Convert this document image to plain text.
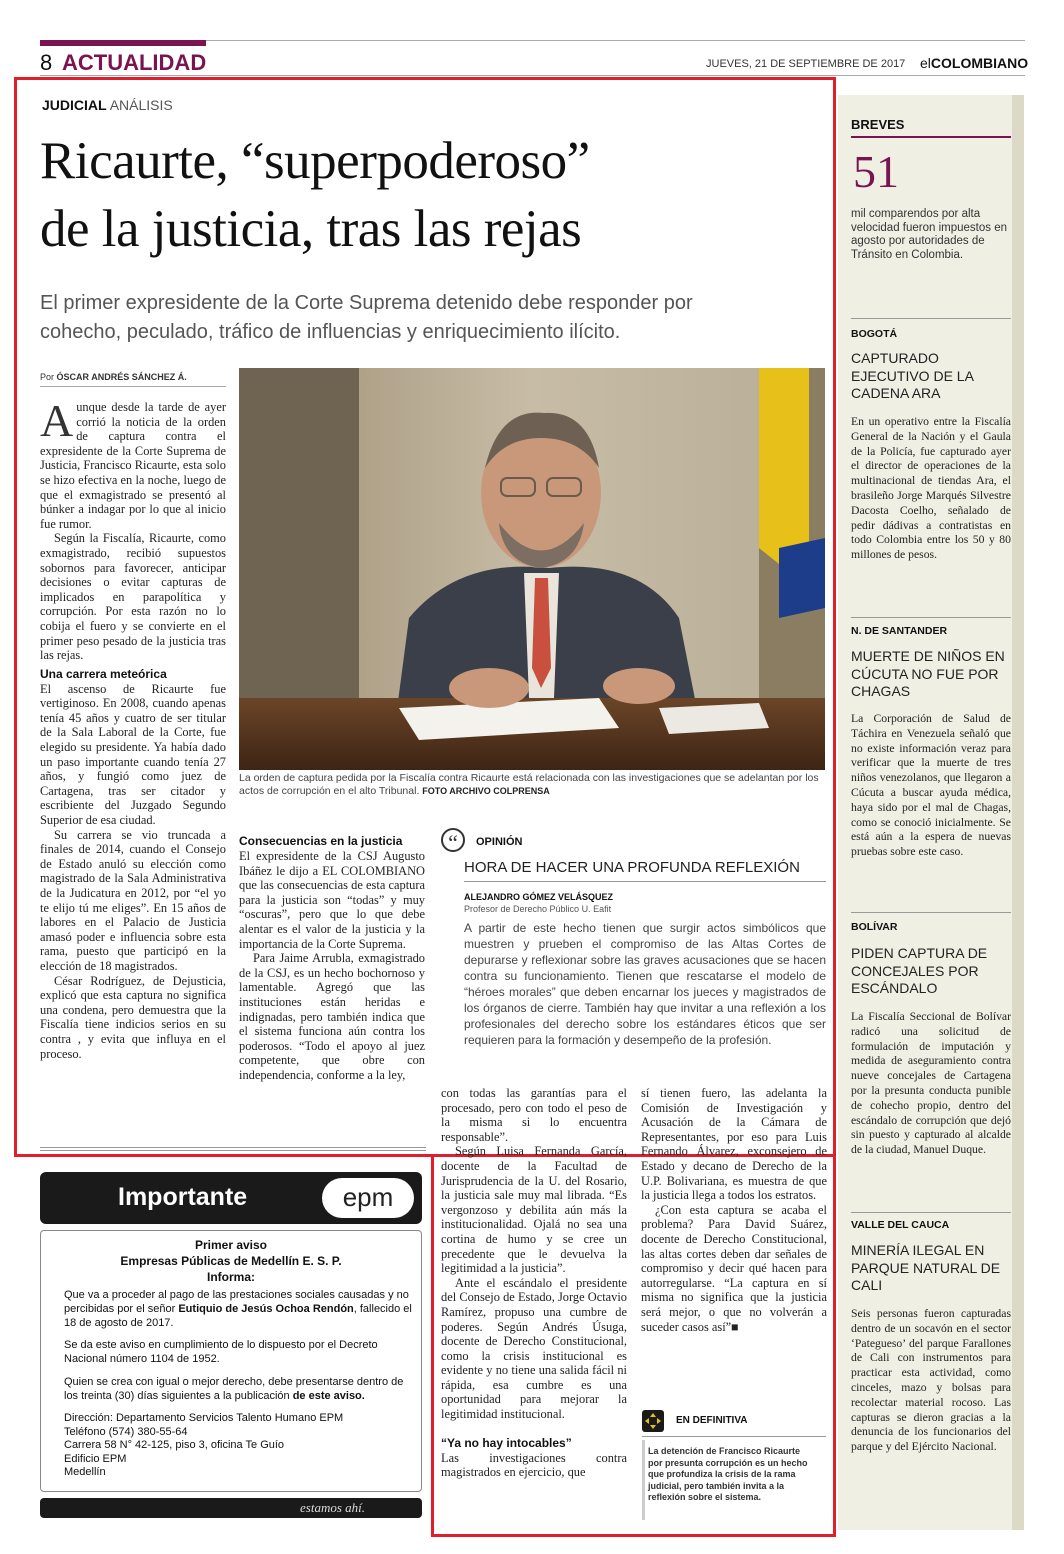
8 ACTUALIDAD	JUEVES, 21 DE SEPTIEMBRE DE 2017 elCOLOMBIANO
JUDICIAL ANÁLISIS
Ricaurte, “superpoderoso”
de la justicia, tras las rejas
El primer expresidente de la Corte Suprema detenido debe responder por
cohecho, peculado, tráfico de influencias y enriquecimiento ilícito.
Por ÓSCAR ANDRÉS SÁNCHEZ Á.

Aunque desde la tarde de ayer corrió la noticia de la orden de captura contra el expresidente de la Corte Suprema de Justicia, Francisco Ricaurte, esta solo se hizo efectiva en la noche, luego de que el exmagistrado se presentó al búnker a indagar por lo que al inicio fue rumor.

Según la Fiscalía, Ricaurte, como exmagistrado, recibió supuestos sobornos para favorecer, anticipar decisiones o evitar capturas de implicados en parapolítica y corrupción. Por esta razón no lo cobija el fuero y se convierte en el primer peso pesado de la justicia tras las rejas.

Una carrera meteórica

El ascenso de Ricaurte fue vertiginoso. En 2008, cuando apenas tenía 45 años y cuatro de ser titular de la Sala Laboral de la Corte, fue elegido su presidente. Ya había dado un paso importante cuando tenía 27 años, y fungió como juez de Cartagena, tras ser citador y escribiente del Juzgado Segundo Superior de esa ciudad.

Su carrera se vio truncada a finales de 2014, cuando el Consejo de Estado anuló su elección como magistrado de la Sala Administrativa de la Judicatura en 2012, por “el yo te elijo tú me eliges”. En 15 años de labores en el Palacio de Justicia amasó poder e influencia sobre esta rama, puesto que participó en la elección de 18 magistrados.

César Rodríguez, de Dejusticia, explicó que esta captura no significa una condena, pero demuestra que la Fiscalía tiene indicios serios en su contra , y evita que influya en el proceso.

La orden de captura pedida por la Fiscalía contra Ricaurte está relacionada con las investigaciones que se adelantan por los actos de corrupción en el alto Tribunal. FOTO ARCHIVO COLPRENSA
Consecuencias en la justicia

El expresidente de la CSJ Augusto Ibáñez le dijo a EL COLOMBIANO que las consecuencias de esta captura para la justicia son “todas” y muy “oscuras”, pero que lo que debe alentar es el valor de la justicia y la importancia de la Corte Suprema.

Para Jaime Arrubla, exmagistrado de la CSJ, es un hecho bochornoso y lamentable. Agregó que las instituciones están heridas e indignadas, pero también indica que el sistema funciona aún contra los poderosos. “Todo el apoyo al juez competente, que obre con independencia, conforme a la ley,

“	OPINIÓN
HORA DE HACER UNA PROFUNDA REFLEXIÓN
ALEJANDRO GÓMEZ VELÁSQUEZ
Profesor de Derecho Público U. Eafit
A partir de este hecho tienen que surgir actos simbólicos que muestren y prueben el compromiso de las Altas Cortes de depurarse y reflexionar sobre las graves acusaciones que se hacen contra su funcionamiento. Tienen que rescatarse el modelo de “héroes morales” que deben encarnar los jueces y magistrados de los órganos de cierre. También hay que invitar a una reflexión a los profesionales del derecho sobre los estándares éticos que ser requieren para la formación y desempeño de la profesión.

con todas las garantías para el procesado, pero con todo el peso de la misma si lo encuentra responsable”.

Según Luisa Fernanda García, docente de la Facultad de Jurisprudencia de la U. del Rosario, la justicia sale muy mal librada. “Es vergonzoso y debilita aún más la institucionalidad. Ojalá no sea una cortina de humo y se cree un precedente que le devuelva la legitimidad a la justicia”.

Ante el escándalo el presidente del Consejo de Estado, Jorge Octavio Ramírez, propuso una cumbre de poderes. Según Andrés Úsuga, docente de Derecho Constitucional, como la crisis institucional es evidente y no tiene una salida fácil ni rápida, esa cumbre es una oportunidad para mejorar la legitimidad institucional.

“Ya no hay intocables”

Las investigaciones contra magistrados en ejercicio, que

sí tienen fuero, las adelanta la Comisión de Investigación y Acusación de la Cámara de Representantes, por eso para Luis Fernando Álvarez, exconsejero de Estado y decano de Derecho de la U.P. Bolivariana, es muestra de que la justicia llega a todos los estratos.

¿Con esta captura se acaba el problema? Para David Suárez, docente de Derecho Constitucional, las altas cortes deben dar señales de compromiso y decir qué hacen para autorregularse. “La captura en sí misma no significa que la justicia será mejor, o que no volverán a suceder casos así”■

EN DEFINITIVA
La detención de Francisco Ricaurte por presunta corrupción es un hecho que profundiza la crisis de la rama judicial, pero también invita a la reflexión sobre el sistema.
BREVES
51
mil comparendos por alta velocidad fueron impuestos en agosto por autoridades de Tránsito en Colombia.
BOGOTÁ
CAPTURADO EJECUTIVO DE LA CADENA ARA
En un operativo entre la Fiscalía General de la Nación y el Gaula de la Policía, fue capturado ayer el director de operaciones de la multinacional de tiendas Ara, el brasileño Jorge Marqués Silvestre Dacosta Coelho, señalado de pedir dádivas a contratistas en todo Colombia entre los 50 y 80 millones de pesos.
N. DE SANTANDER
MUERTE DE NIÑOS EN CÚCUTA NO FUE POR CHAGAS
La Corporación de Salud de Táchira en Venezuela señaló que no existe información veraz para verificar que la muerte de tres niños venezolanos, que llegaron a Cúcuta a buscar ayuda médica, haya sido por el mal de Chagas, como se conoció inicialmente. Se está aún a la espera de nuevas pruebas sobre este caso.
BOLÍVAR
PIDEN CAPTURA DE CONCEJALES POR ESCÁNDALO
La Fiscalía Seccional de Bolívar radicó una solicitud de formulación de imputación y medida de aseguramiento contra nueve concejales de Cartagena por la presunta conducta punible de cohecho propio, dentro del escándalo de corrupción que dejó sin puesto y capturado al alcalde de la ciudad, Manuel Duque.
VALLE DEL CAUCA
MINERÍA ILEGAL EN PARQUE NATURAL DE CALI
Seis personas fueron capturadas dentro de un socavón en el sector ‘Pategueso’ del parque Farallones de Cali con instrumentos para practicar esta actividad, como cinceles, mazo y bolsas para recolectar material rocoso. Las capturas se dieron gracias a la denuncia de los funcionarios del parque y del Ejército Nacional.
Importante	epm
Primer aviso
Empresas Públicas de Medellín E. S. P.
Informa:
Que va a proceder al pago de las prestaciones sociales causadas y no percibidas por el señor Eutiquio de Jesús Ochoa Rendón, fallecido el 18 de agosto de 2017.
Se da este aviso en cumplimiento de lo dispuesto por el Decreto Nacional número 1104 de 1952.
Quien se crea con igual o mejor derecho, debe presentarse dentro de los treinta (30) días siguientes a la publicación de este aviso.
Dirección: Departamento Servicios Talento Humano EPM
Teléfono (574) 380-55-64
Carrera 58 N° 42-125, piso 3, oficina Te Guío
Edificio EPM
Medellín
estamos ahí.
